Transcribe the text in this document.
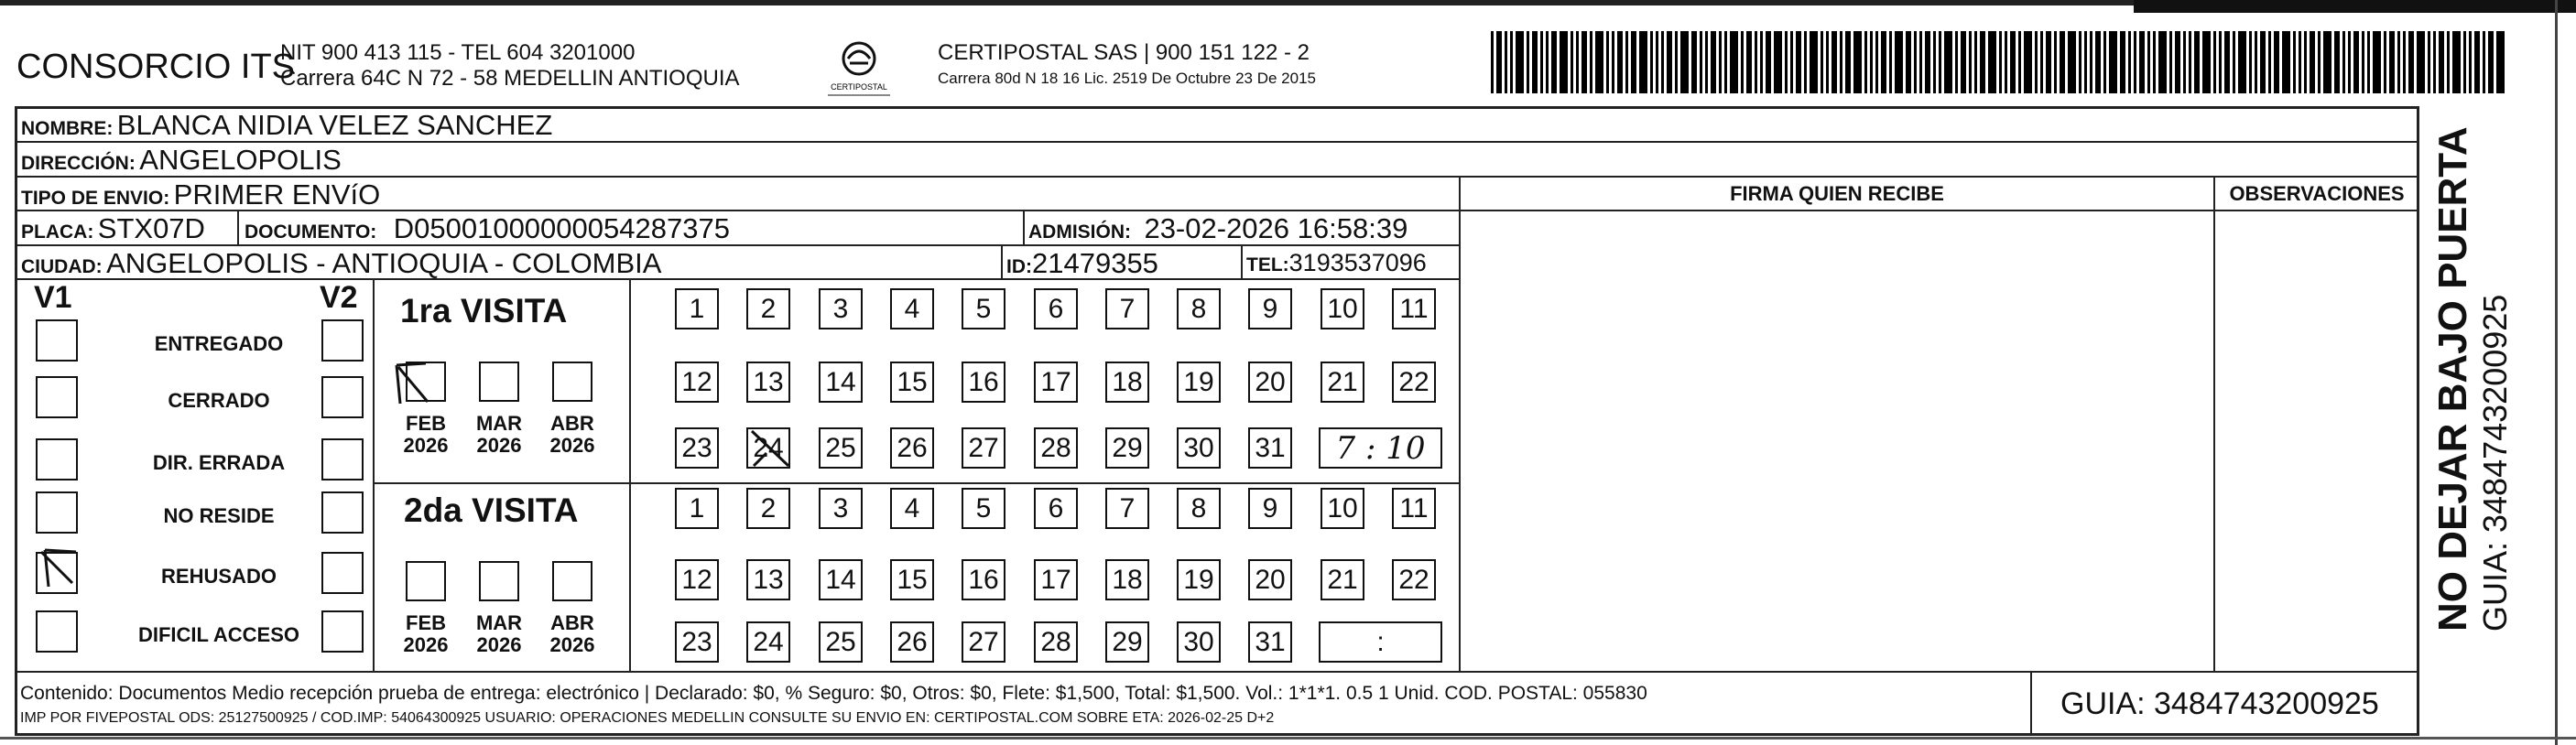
CONSORCIO ITS
NIT 900 413 115 - TEL 604 3201000
Carrera 64C N 72 - 58 MEDELLIN ANTIOQUIA	CERTIPOSTAL
CERTIPOSTAL SAS | 900 151 122 - 2
Carrera 80d N 18 16 Lic. 2519 De Octubre 23 De 2015
NOMBRE: BLANCA NIDIA VELEZ SANCHEZ
DIRECCIÓN: ANGELOPOLIS
TIPO DE ENVIO: PRIMER ENVíO	FIRMA QUIEN RECIBE	OBSERVACIONES
PLACA: STX07D DOCUMENTO: D05001000000054287375	ADMISIÓN: 23-02-2026 16:58:39
CIUDAD: ANGELOPOLIS - ANTIOQUIA - COLOMBIA	ID:21479355	TEL:3193537096
V1	V2
ENTREGADO
CERRADO
DIR. ERRADA
NO RESIDE
REHUSADO
DIFICIL ACCESO
1ra VISITA
FEB
2026
MAR
2026
ABR
2026
1	2	3	4	5	6	7	8	9	10 11
12 13 14 15 16 17 18 19 20 21 22
23 24 25 26 27 28 29 30 31	7 : 10
2da VISITA
FEB
2026
MAR
2026
ABR
2026
1	2	3	4	5	6	7	8	9	10 11
12 13 14 15 16 17 18 19 20 21 22
23 24 25 26 27 28 29 30 31	:
Contenido: Documentos Medio recepción prueba de entrega: electrónico | Declarado: $0, % Seguro: $0, Otros: $0, Flete: $1,500, Total: $1,500. Vol.: 1*1*1. 0.5 1 Unid. COD. POSTAL: 055830
IMP POR FIVEPOSTAL ODS: 25127500925 / COD.IMP: 54064300925 USUARIO: OPERACIONES MEDELLIN CONSULTE SU ENVIO EN: CERTIPOSTAL.COM SOBRE ETA: 2026-02-25 D+2	GUIA: 3484743200925
NO DEJAR BAJO PUERTA GUIA: 3484743200925
